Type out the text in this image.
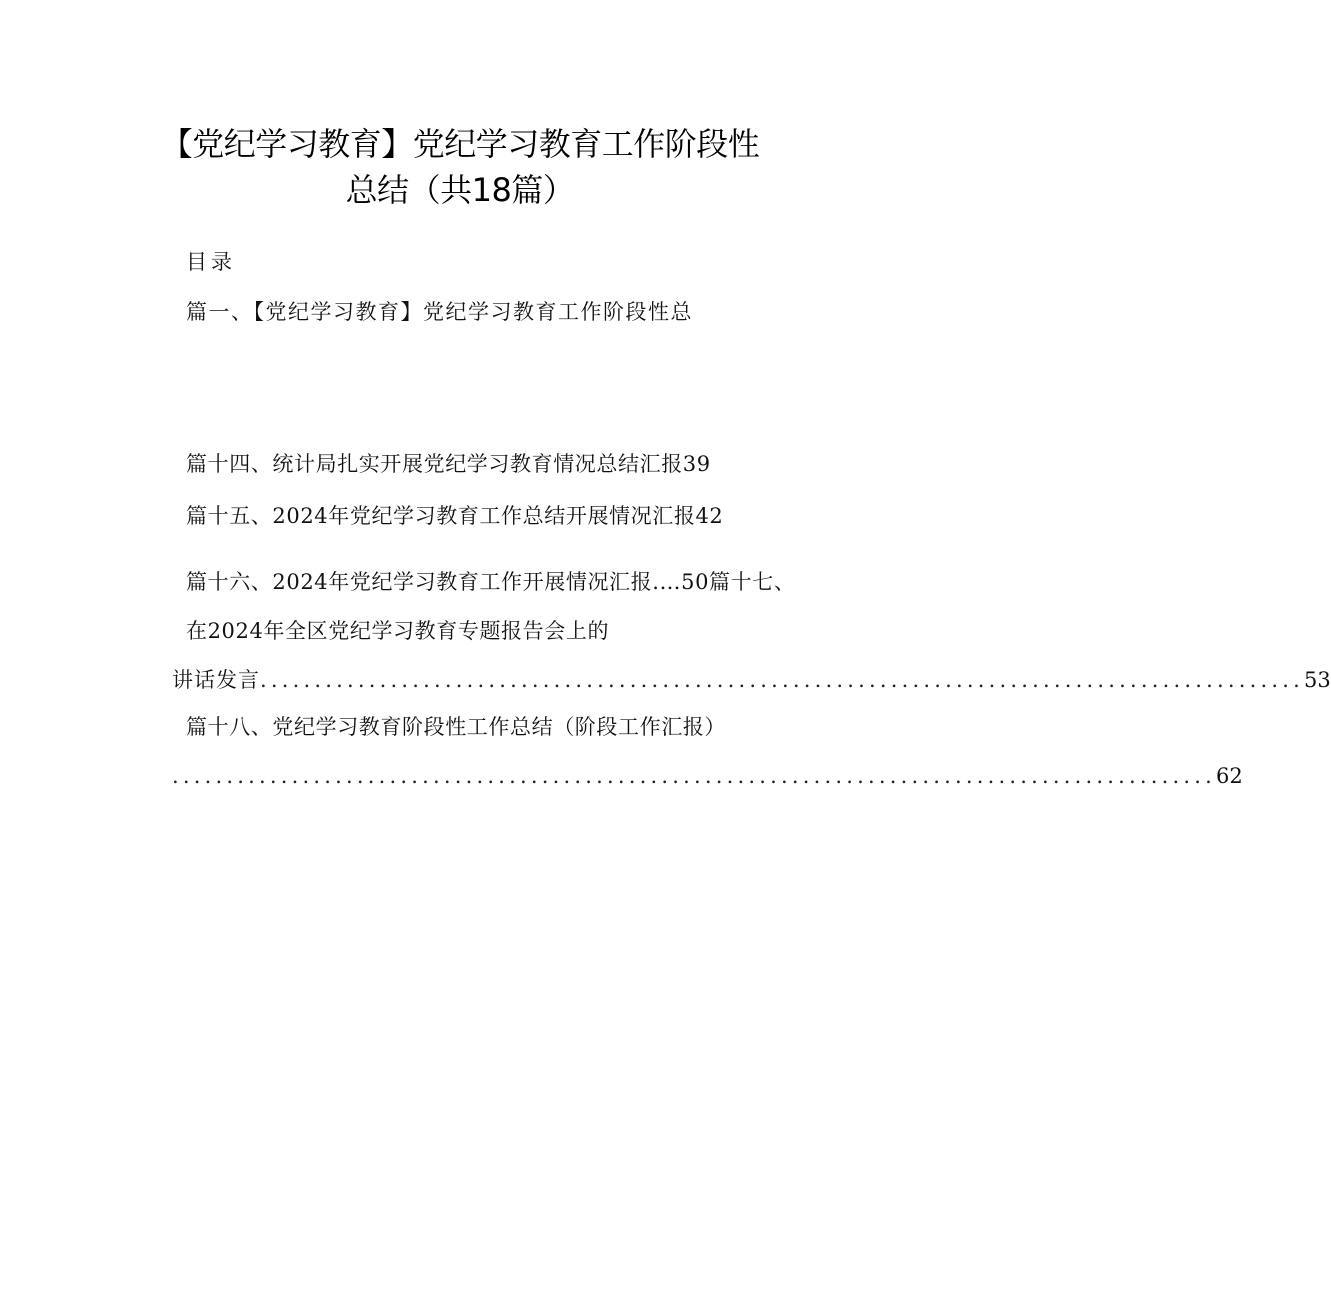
【党纪学习教育】党纪学习教育工作阶段性
总结（共18篇）
目录
篇一、【党纪学习教育】党纪学习教育工作阶段性总
篇十四、统计局扎实开展党纪学习教育情况总结汇报39
篇十五、2024年党纪学习教育工作总结开展情况汇报42
篇十六、2024年党纪学习教育工作开展情况汇报.…50篇十七、
在2024年全区党纪学习教育专题报告会上的
讲话发言 ................................................................................................ 53
篇十八、党纪学习教育阶段性工作总结（阶段工作汇报）
................................................................................................ 62
